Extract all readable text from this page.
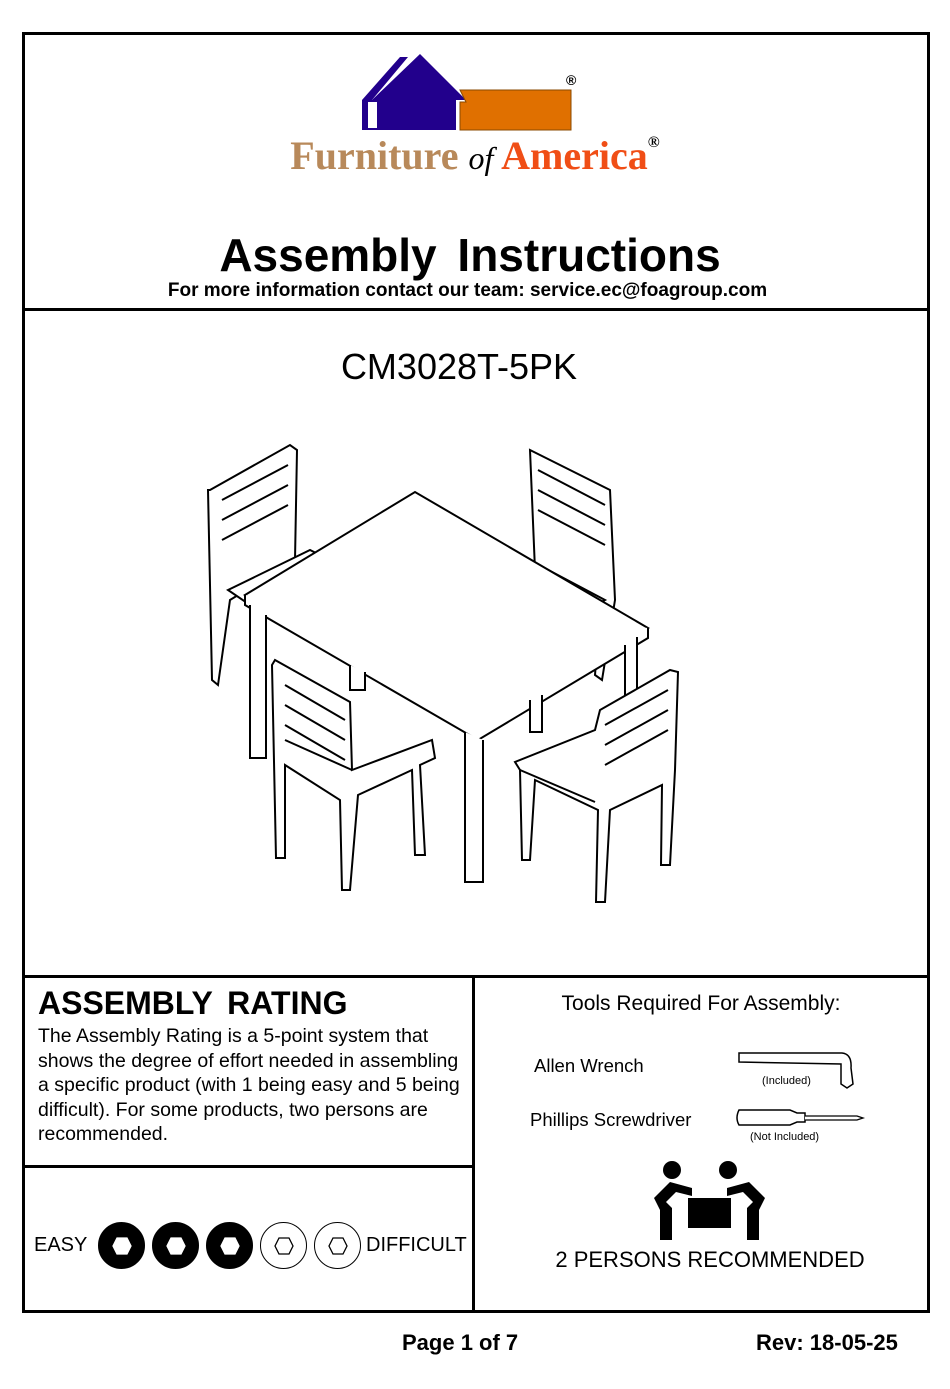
®
Furniture of America®
Assembly Instructions
For more information contact our team: service.ec@foagroup.com
CM3028T-5PK
ASSEMBLY RATING
The Assembly Rating is a 5-point system that shows the degree of effort needed in assembling a specific product (with 1 being easy and 5 being difficult). For some products, two persons are recommended.
EASY	DIFFICULT
Tools Required For Assembly:
Allen Wrench
(Included)
Phillips Screwdriver
(Not Included)
2 PERSONS RECOMMENDED
Page 1 of 7	Rev: 18-05-25
